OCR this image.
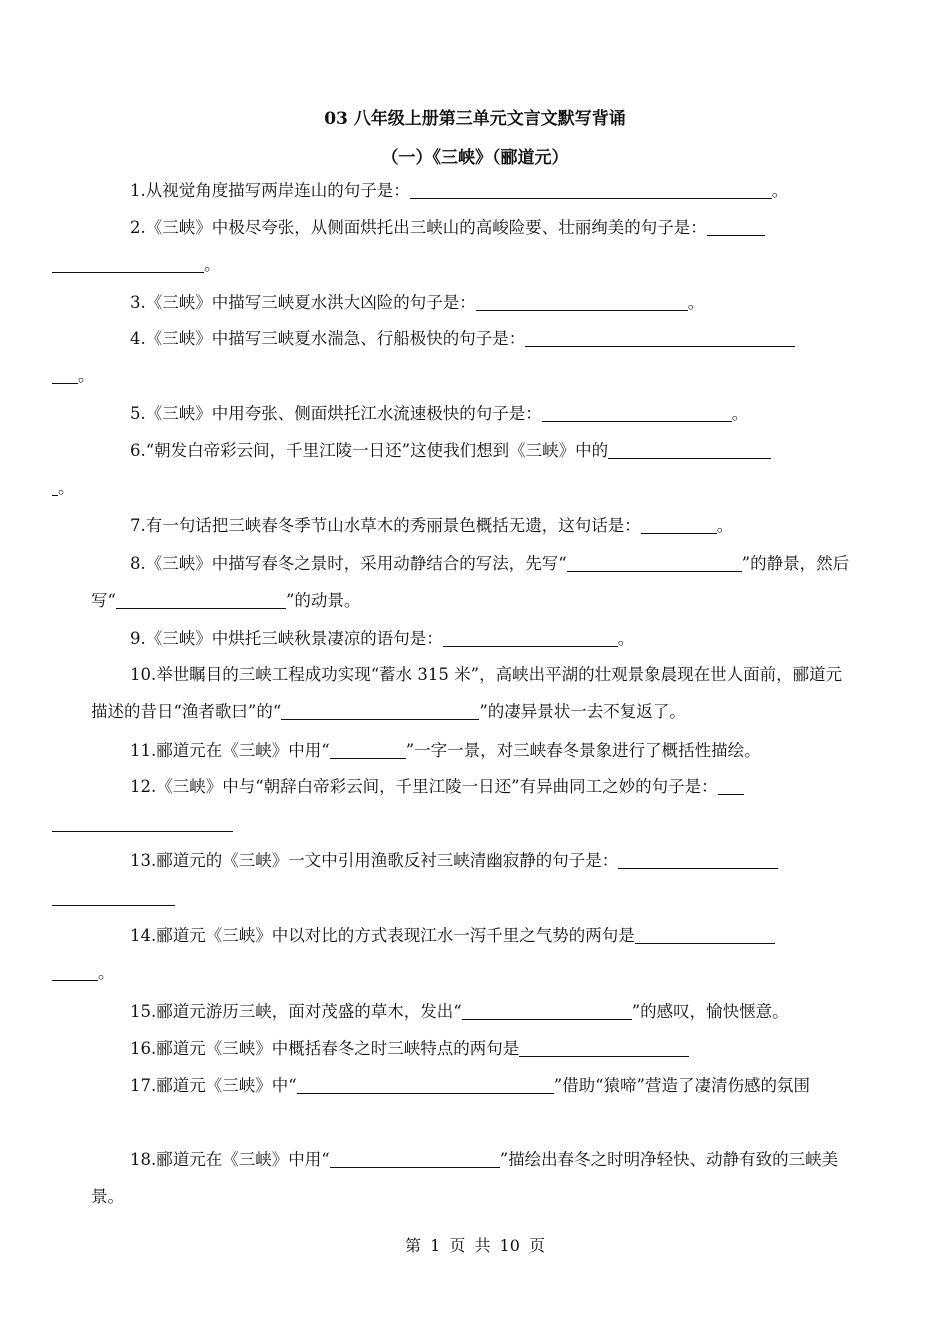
03 八年级上册第三单元文言文默写背诵
（一）《三峡》（郦道元）
1.从视觉角度描写两岸连山的句子是：	。
2.《三峡》中极尽夸张，从侧面烘托出三峡山的高峻险要、壮丽绚美的句子是：
。
3.《三峡》中描写三峡夏水洪大凶险的句子是：	。
4.《三峡》中描写三峡夏水湍急、行船极快的句子是：
。
5.《三峡》中用夸张、侧面烘托江水流速极快的句子是：	。
6.“朝发白帝彩云间，千里江陵一日还”这使我们想到《三峡》中的
。
7.有一句话把三峡春冬季节山水草木的秀丽景色概括无遗，这句话是：	。
8.《三峡》中描写春冬之景时，采用动静结合的写法，先写“	”的静景，然后写“	”的动景。
9.《三峡》中烘托三峡秋景凄凉的语句是：	。
10.举世瞩目的三峡工程成功实现“蓄水 315 米”，高峡出平湖的壮观景象晨现在世人面前，郦道元描述的昔日“渔者歌曰”的“	”的凄异景状一去不复返了。
11.郦道元在《三峡》中用“	”一字一景，对三峡春冬景象进行了概括性描绘。
12.《三峡》中与“朝辞白帝彩云间，千里江陵一日还”有异曲同工之妙的句子是：

13.郦道元的《三峡》一文中引用渔歌反衬三峡清幽寂静的句子是：

14.郦道元《三峡》中以对比的方式表现江水一泻千里之气势的两句是
。
15.郦道元游历三峡，面对茂盛的草木，发出“	”的感叹，愉快惬意。
16.郦道元《三峡》中概括春冬之时三峡特点的两句是
17.郦道元《三峡》中“	”借助“猿啼”营造了凄清伤感的氛围
18.郦道元在《三峡》中用“	”描绘出春冬之时明净轻快、动静有致的三峡美景。
第 1 页 共 10 页
